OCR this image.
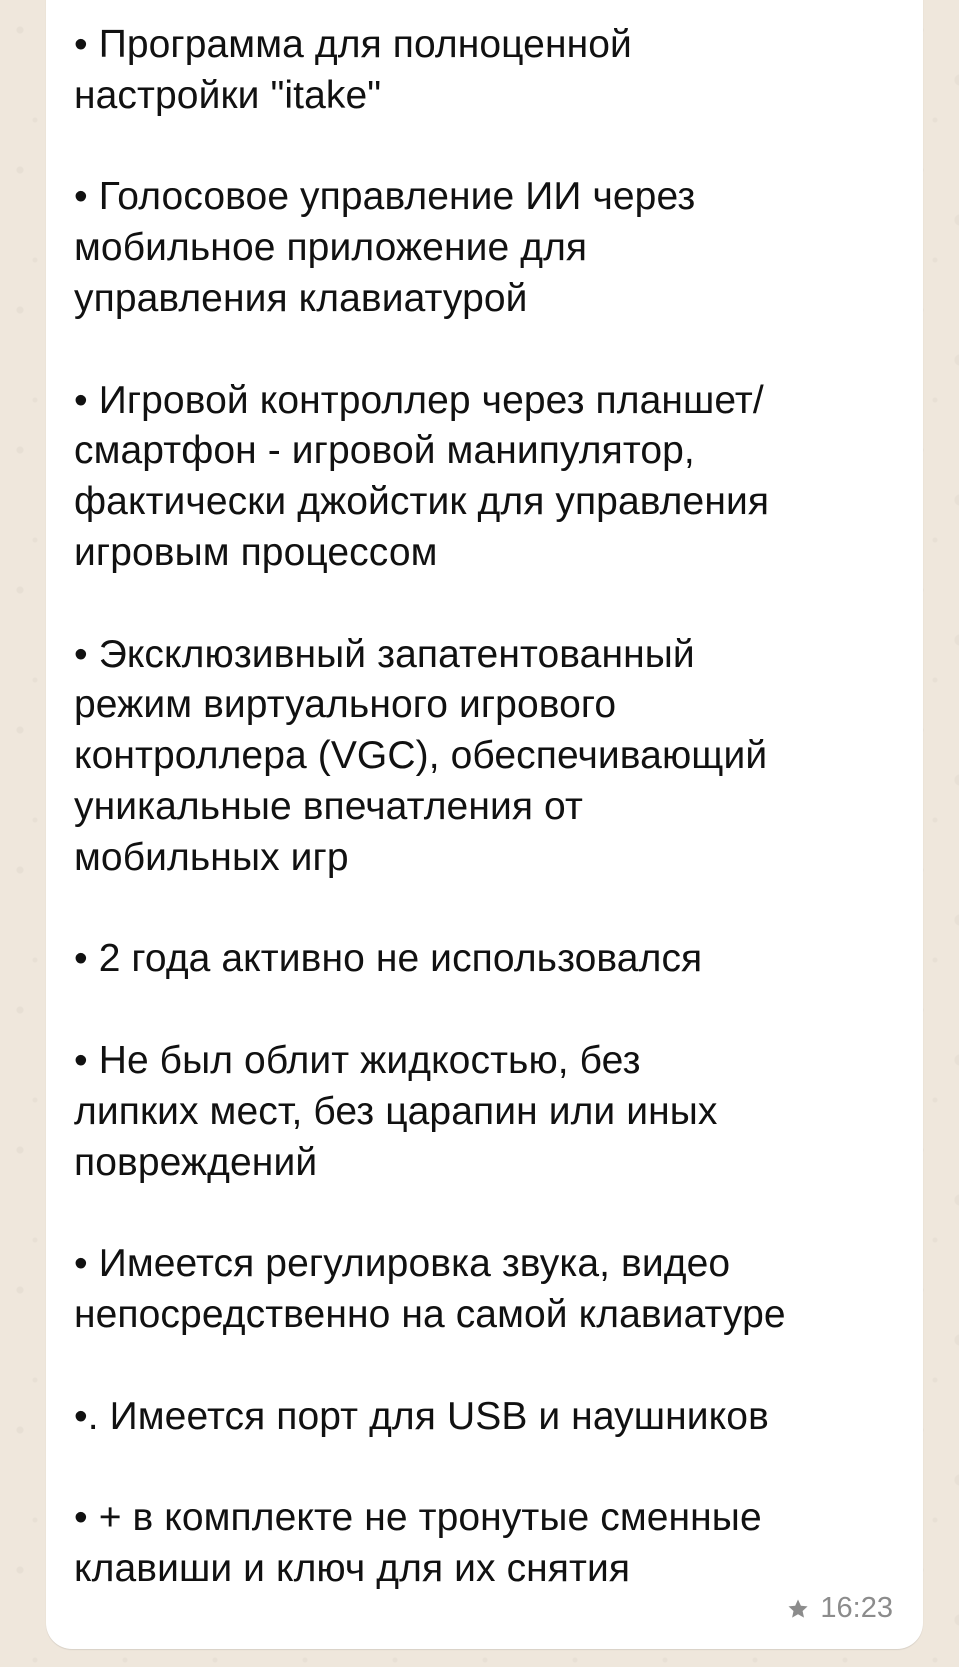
• Программа для полноценной
настройки "itake"

• Голосовое управление ИИ через
мобильное приложение для
управления клавиатурой

• Игровой контроллер через планшет/
смартфон - игровой манипулятор,
фактически джойстик для управления
игровым процессом

• Эксклюзивный запатентованный
режим виртуального игрового
контроллера (VGC), обеспечивающий
уникальные впечатления от
мобильных игр

• 2 года активно не использовался

• Не был облит жидкостью, без
липких мест, без царапин или иных
повреждений

• Имеется регулировка звука, видео
непосредственно на самой клавиатуре

•. Имеется порт для USB и наушников

• + в комплекте не тронутые сменные
клавиши и ключ для их снятия

16:23
